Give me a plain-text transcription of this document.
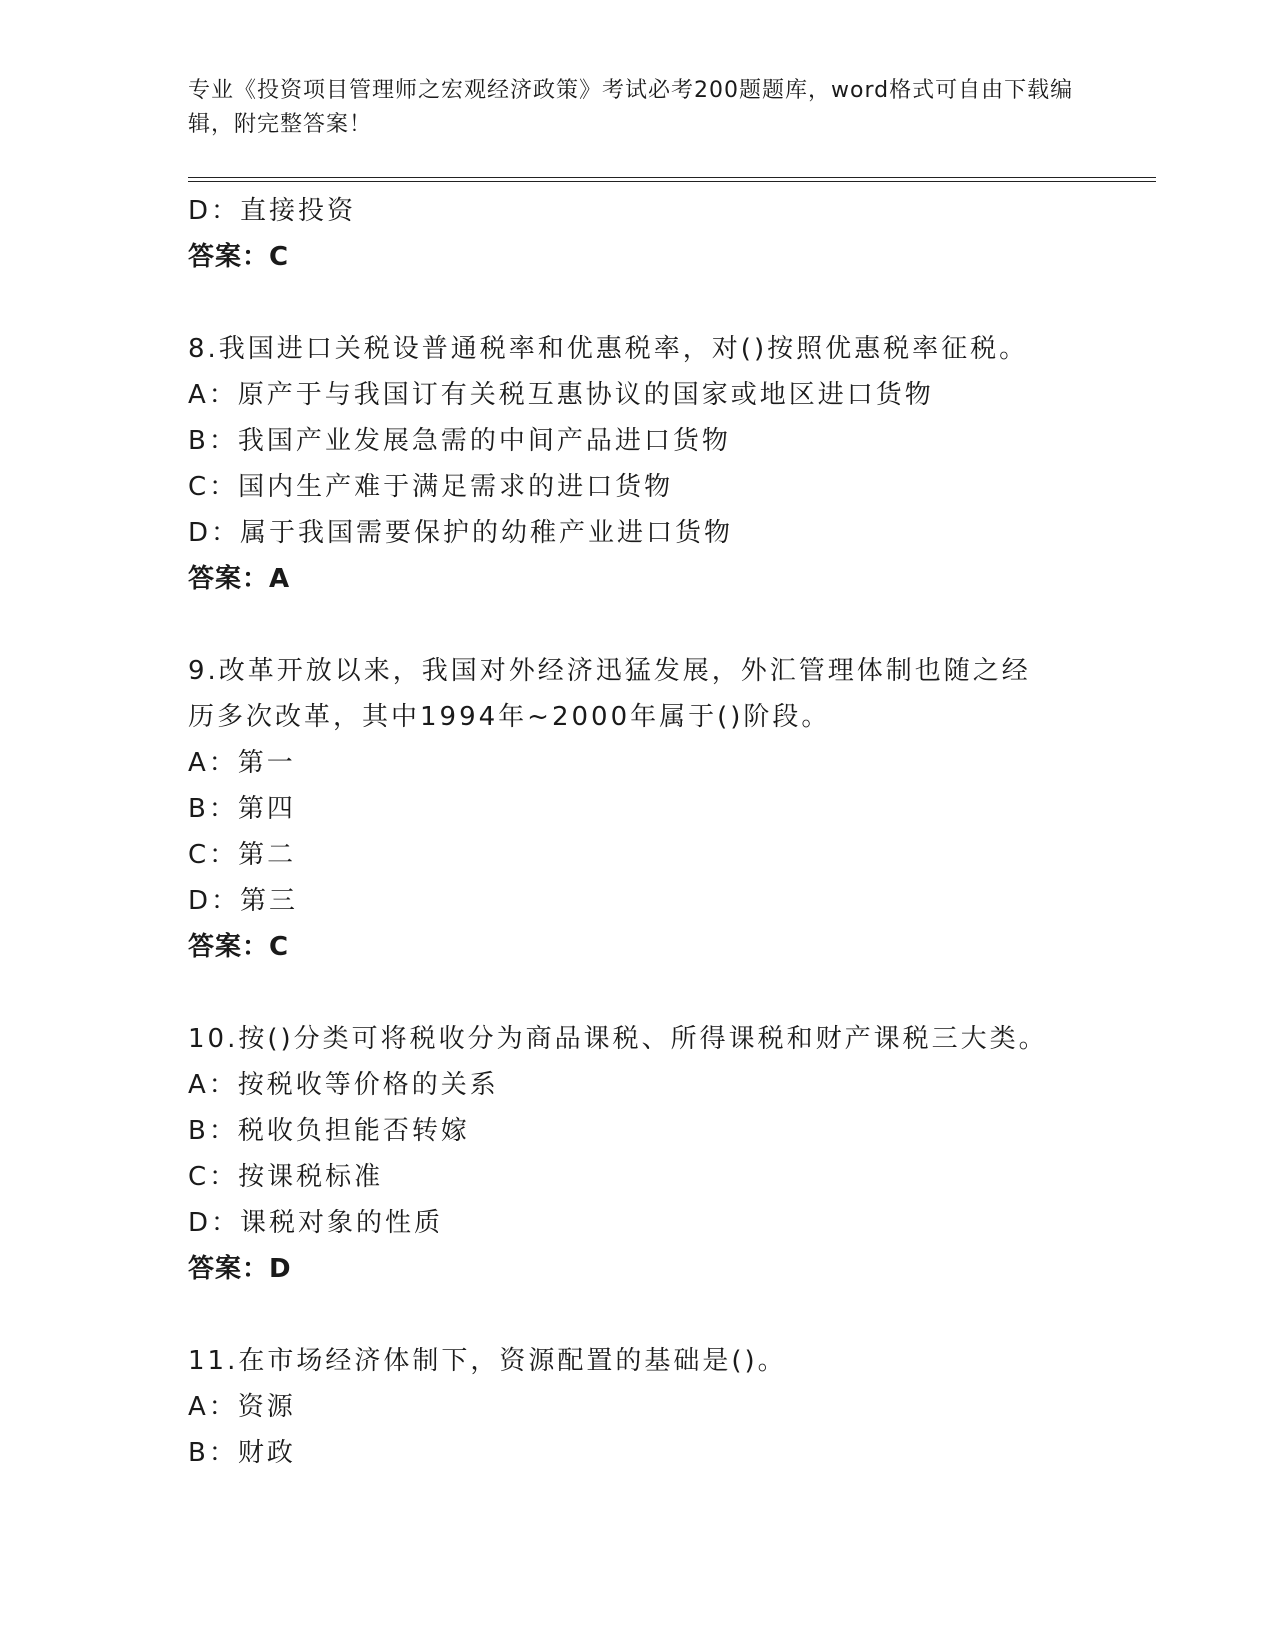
专业《投资项目管理师之宏观经济政策》考试必考200题题库，word格式可自由下载编辑，附完整答案！
D：直接投资
答案：C
8.我国进口关税设普通税率和优惠税率，对()按照优惠税率征税。
A：原产于与我国订有关税互惠协议的国家或地区进口货物
B：我国产业发展急需的中间产品进口货物
C：国内生产难于满足需求的进口货物
D：属于我国需要保护的幼稚产业进口货物
答案：A
9.改革开放以来，我国对外经济迅猛发展，外汇管理体制也随之经历多次改革，其中1994年~2000年属于()阶段。
A：第一
B：第四
C：第二
D：第三
答案：C
10.按()分类可将税收分为商品课税、所得课税和财产课税三大类。
A：按税收等价格的关系
B：税收负担能否转嫁
C：按课税标准
D：课税对象的性质
答案：D
11.在市场经济体制下，资源配置的基础是()。
A：资源
B：财政
